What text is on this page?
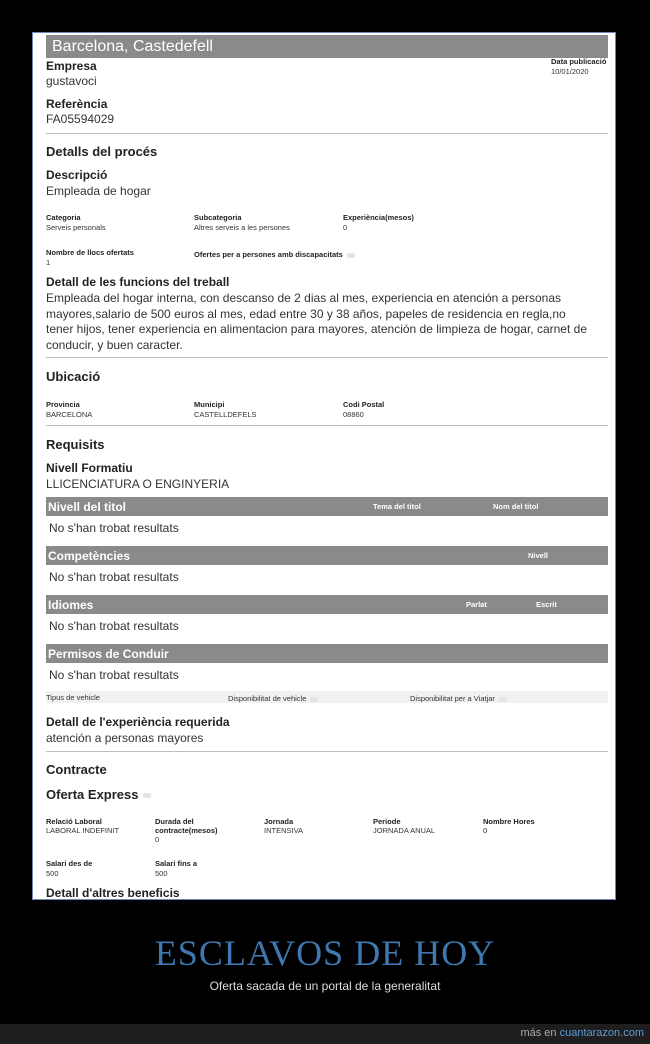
Barcelona, Castedefell
Empresa
gustavoci
Data publicació
10/01/2020
Referència
FA05594029
Detalls del procés
Descripció
Empleada de hogar
Categoria
Serveis personals
Subcategoria
Altres serveis a les persones
Experiència(mesos)
0
Nombre de llocs ofertats
1
Ofertes per a persones amb discapacitats
Detall de les funcions del treball
Empleada del hogar interna, con descanso de 2 dias al mes, experiencia en atención a personas
mayores,salario de 500 euros al mes, edad entre 30 y 38 años, papeles de residencia en regla,no
tener hijos, tener experiencia en alimentacion para mayores, atención de limpieza de hogar, carnet de
conducir, y buen caracter.
Ubicació
Provincia
BARCELONA
Municipi
CASTELLDEFELS
Codi Postal
08860
Requisits
Nivell Formatiu
LLICENCIATURA O ENGINYERIA
Nivell del titol	Tema del titol	Nom del titol
No s'han trobat resultats
Competències	Nivell
No s'han trobat resultats
Idiomes	Parlat	Escrit
No s'han trobat resultats
Permisos de Conduir
No s'han trobat resultats
Tipus de vehicle	Disponibilitat de vehicle	Disponibilitat per a Viatjar
Detall de l'experiència requerida
atención a personas mayores
Contracte
Oferta Express
Relació Laboral
LABORAL INDEFINIT
Durada del
contracte(mesos)
0
Jornada
INTENSIVA
Periode
JORNADA ANUAL
Nombre Hores
0
Salari des de
500
Salari fins a
500
Detall d'altres beneficis
ESCLAVOS DE HOY
Oferta sacada de un portal de la generalitat
más en cuantarazon.com
